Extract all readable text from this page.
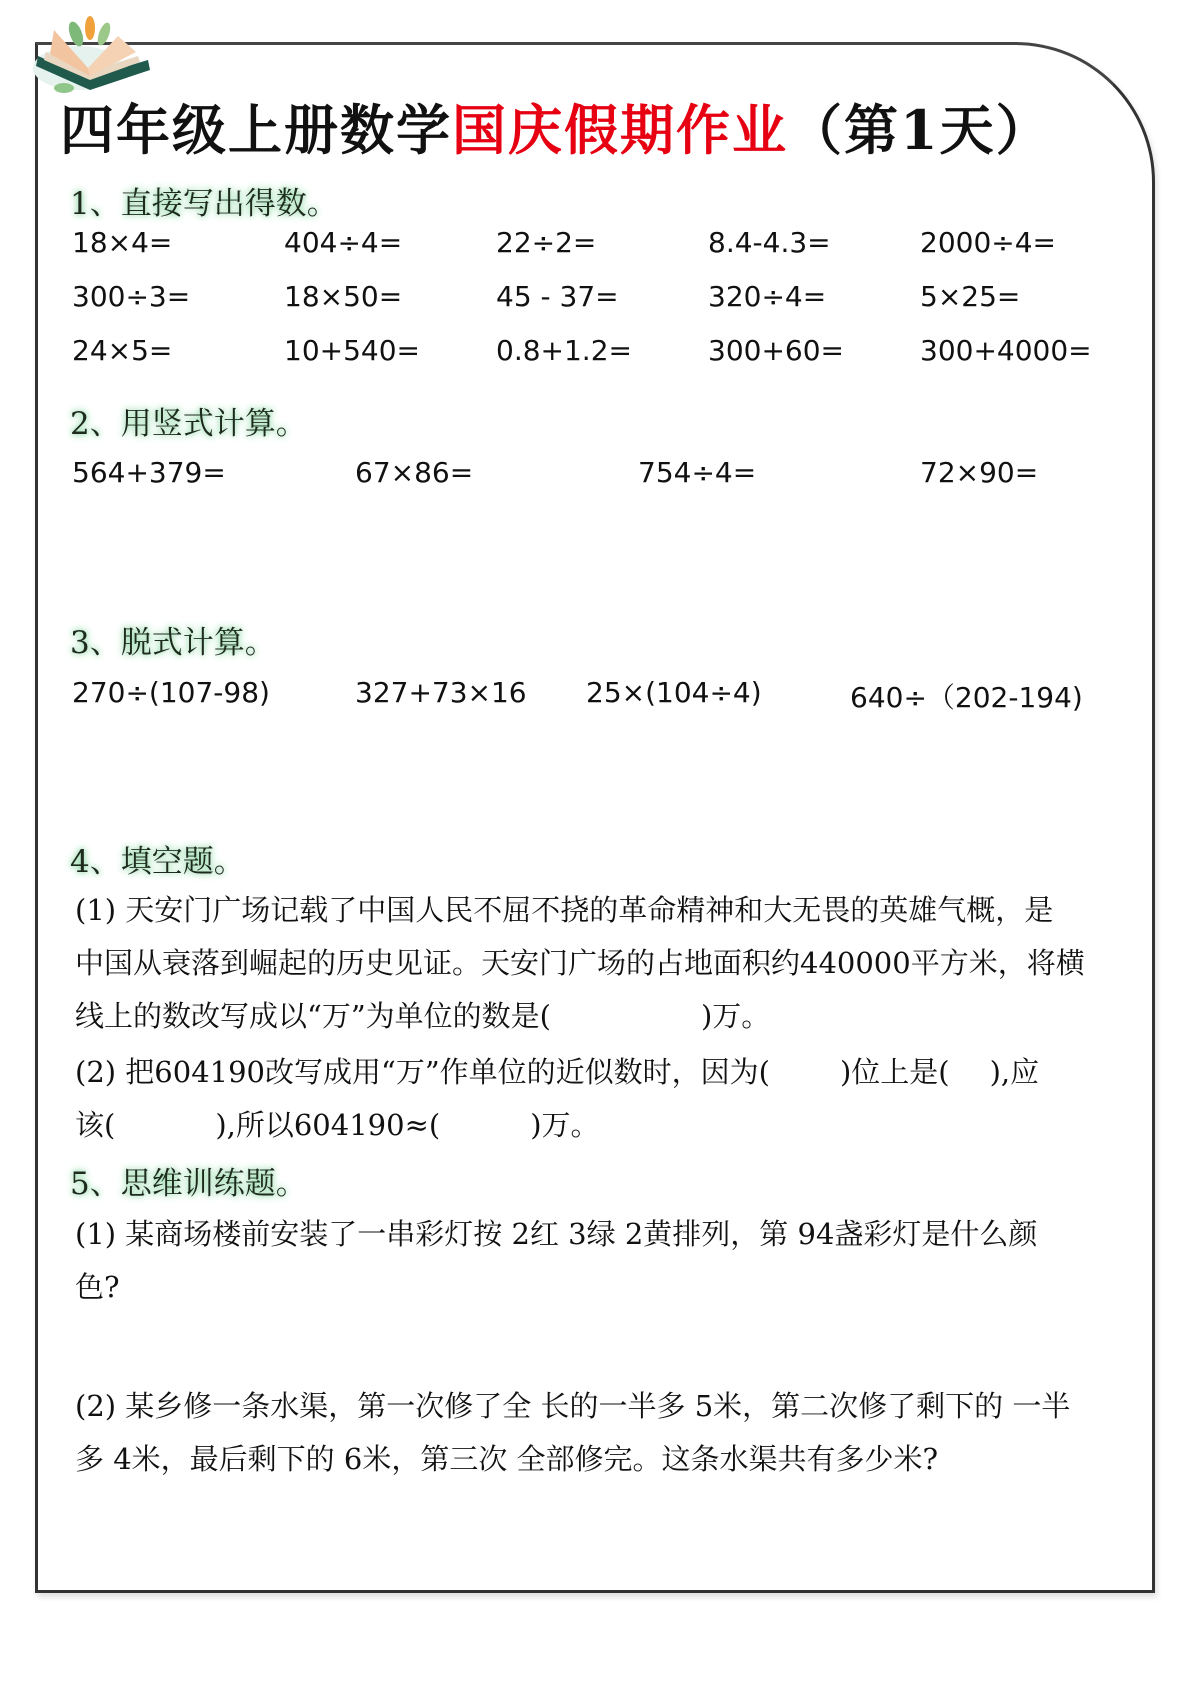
四年级上册数学国庆假期作业（第1天）
1、直接写出得数。
18×4=	404÷4=	22÷2=	8.4-4.3=	2000÷4=
300÷3=	18×50=	45 - 37=	320÷4=	5×25=
24×5=	10+540=	0.8+1.2=	300+60=	300+4000=
2、用竖式计算。
564+379=	67×86=	754÷4=	72×90=
3、脱式计算。
270÷(107-98)	327+73×16 25×(104÷4)	640÷（202-194)
4、填空题。
(1) 天安门广场记载了中国人民不屈不挠的革命精神和大无畏的英雄气概，是
中国从衰落到崛起的历史见证。天安门广场的占地面积约440000平方米，将横
线上的数改写成以“万”为单位的数是(	)万。
(2) 把604190改写成用“万”作单位的近似数时，因为( )位上是( ),应
该(	),所以604190≈(	)万。
5、思维训练题。
(1) 某商场楼前安装了一串彩灯按 2红 3绿 2黄排列，第 94盏彩灯是什么颜
色?
(2) 某乡修一条水渠，第一次修了全 长的一半多 5米，第二次修了剩下的 一半
多 4米，最后剩下的 6米，第三次 全部修完。这条水渠共有多少米?
